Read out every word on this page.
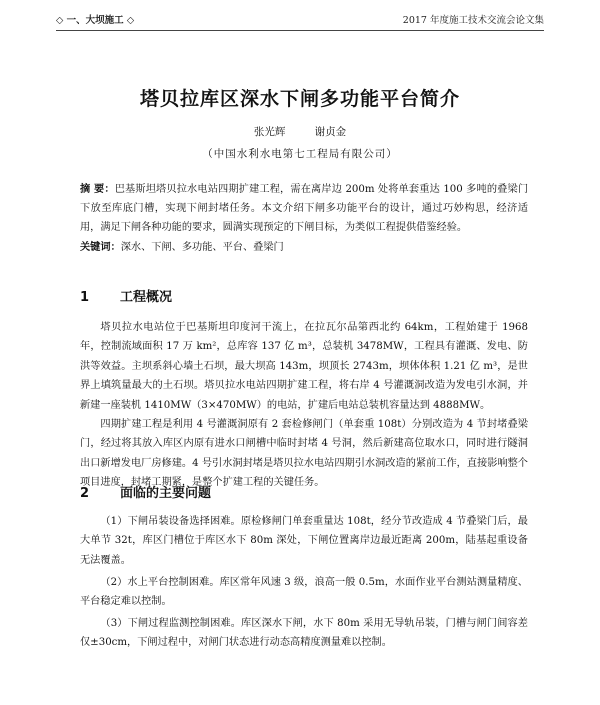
◇ 一、大坝施工 ◇	2017 年度施工技术交流会论文集
塔贝拉库区深水下闸多功能平台简介
张光辉 谢贞金
（中国水利水电第七工程局有限公司）
摘 要：巴基斯坦塔贝拉水电站四期扩建工程，需在离岸边 200m 处将单套重达 100 多吨的叠梁门下放至库底门槽，实现下闸封堵任务。本文介绍下闸多功能平台的设计，通过巧妙构思，经济适用，满足下闸各种功能的要求，圆满实现预定的下闸目标，为类似工程提供借鉴经验。
关键词：深水、下闸、多功能、平台、叠梁门
1 工程概况

塔贝拉水电站位于巴基斯坦印度河干流上，在拉瓦尔品第西北约 64km，工程始建于 1968 年，控制流域面积 17 万 km²，总库容 137 亿 m³，总装机 3478MW，工程具有灌溉、发电、防洪等效益。主坝系斜心墙土石坝，最大坝高 143m，坝顶长 2743m，坝体体积 1.21 亿 m³，是世界上填筑量最大的土石坝。塔贝拉水电站四期扩建工程，将右岸 4 号灌溉洞改造为发电引水洞，并新建一座装机 1410MW（3×470MW）的电站，扩建后电站总装机容量达到 4888MW。

四期扩建工程是利用 4 号灌溉洞原有 2 套检修闸门（单套重 108t）分别改造为 4 节封堵叠梁门，经过将其放入库区内原有进水口闸槽中临时封堵 4 号洞，然后新建高位取水口，同时进行隧洞出口新增发电厂房修建。4 号引水洞封堵是塔贝拉水电站四期引水洞改造的紧前工作，直接影响整个项目进度，封堵工期紧，是整个扩建工程的关键任务。

2 面临的主要问题

（1）下闸吊装设备选择困难。原检修闸门单套重量达 108t，经分节改造成 4 节叠梁门后，最大单节 32t，库区门槽位于库区水下 80m 深处，下闸位置离岸边最近距离 200m，陆基起重设备无法覆盖。

（2）水上平台控制困难。库区常年风速 3 级，浪高一般 0.5m，水面作业平台测站测量精度、平台稳定难以控制。

（3）下闸过程监测控制困难。库区深水下闸，水下 80m 采用无导轨吊装，门槽与闸门间容差仅±30cm，下闸过程中，对闸门状态进行动态高精度测量难以控制。
